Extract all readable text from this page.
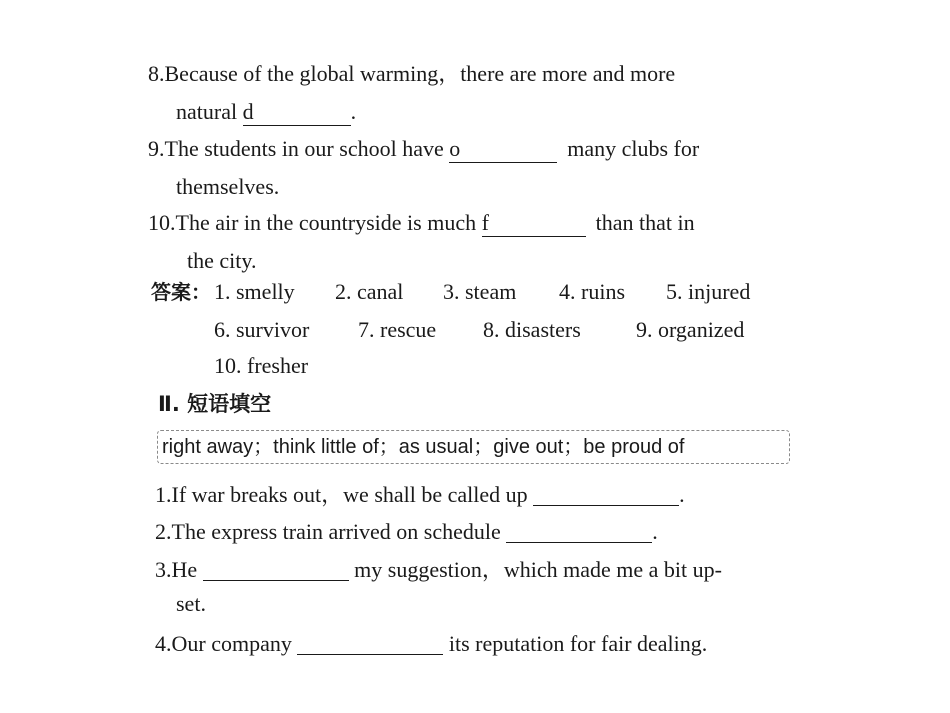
8.Because of the global warming，there are more and more
natural d	.
9.The students in our school have o	many clubs for
themselves.
10.The air in the countryside is much f	than that in
the city.
答案： 1. smelly 2. canal 3. steam 4. ruins 5. injured
6. survivor 7. rescue 8. disasters	9. organized
10. fresher
Ⅱ. 短语填空
right away；think little of；as usual；give out；be proud of
1.If war breaks out，we shall be called up	.
2.The express train arrived on schedule	.
3.He	my suggestion，which made me a bit up-
set.
4.Our company	its reputation for fair dealing.
